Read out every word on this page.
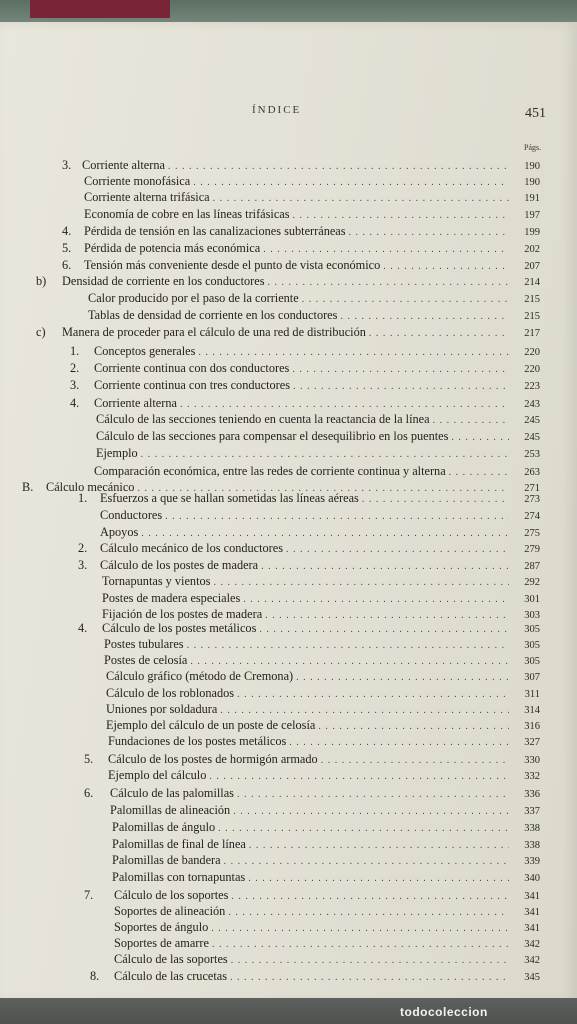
ÍNDICE	451
Págs.
3. Corriente alterna . . .	190
Corriente monofásica . . .	190
Corriente alterna trifásica . . .	191
Economía de cobre en las líneas trifásicas . . .	197
4. Pérdida de tensión en las canalizaciones subterráneas . . .	199
5. Pérdida de potencia más económica . . .	202
6. Tensión más conveniente desde el punto de vista económico . . .	207
b) Densidad de corriente en los conductores . . .	214
Calor producido por el paso de la corriente . . .	215
Tablas de densidad de corriente en los conductores . . .	215
c) Manera de proceder para el cálculo de una red de distribución . . .	217
1. Conceptos generales . . .	220
2. Corriente continua con dos conductores . . .	220
3. Corriente continua con tres conductores . . .	223
4. Corriente alterna . . .	243
Cálculo de las secciones teniendo en cuenta la reactancia de la línea . . .	245
Cálculo de las secciones para compensar el desequilibrio en los puentes . . .	245
Ejemplo . . .	253
Comparación económica, entre las redes de corriente continua y alterna . . .	263
B. Cálculo mecánico . . .	271
1. Esfuerzos a que se hallan sometidas las líneas aéreas . . .	273
Conductores . . .	274
Apoyos . . .	275
2. Cálculo mecánico de los conductores . . .	279
3. Cálculo de los postes de madera . . .	287
Tornapuntas y vientos . . .	292
Postes de madera especiales . . .	301
Fijación de los postes de madera . . .	303
4. Cálculo de los postes metálicos . . .	305
Postes tubulares . . .	305
Postes de celosía . . .	305
Cálculo gráfico (método de Cremona) . . .	307
Cálculo de los roblonados . . .	311
Uniones por soldadura . . .	314
Ejemplo del cálculo de un poste de celosía . . .	316
Fundaciones de los postes metálicos . . .	327
5. Cálculo de los postes de hormigón armado . . .	330
Ejemplo del cálculo . . .	332
6. Cálculo de las palomillas . . .	336
Palomillas de alineación . . .	337
Palomillas de ángulo . . .	338
Palomillas de final de línea . . .	338
Palomillas de bandera . . .	339
Palomillas con tornapuntas . . .	340
7. Cálculo de los soportes . . .	341
Soportes de alineación . . .	341
Soportes de ángulo . . .	341
Soportes de amarre . . .	342
Cálculo de las soportes . . .	342
8. Cálculo de las crucetas . . .	345
todocoleccion
